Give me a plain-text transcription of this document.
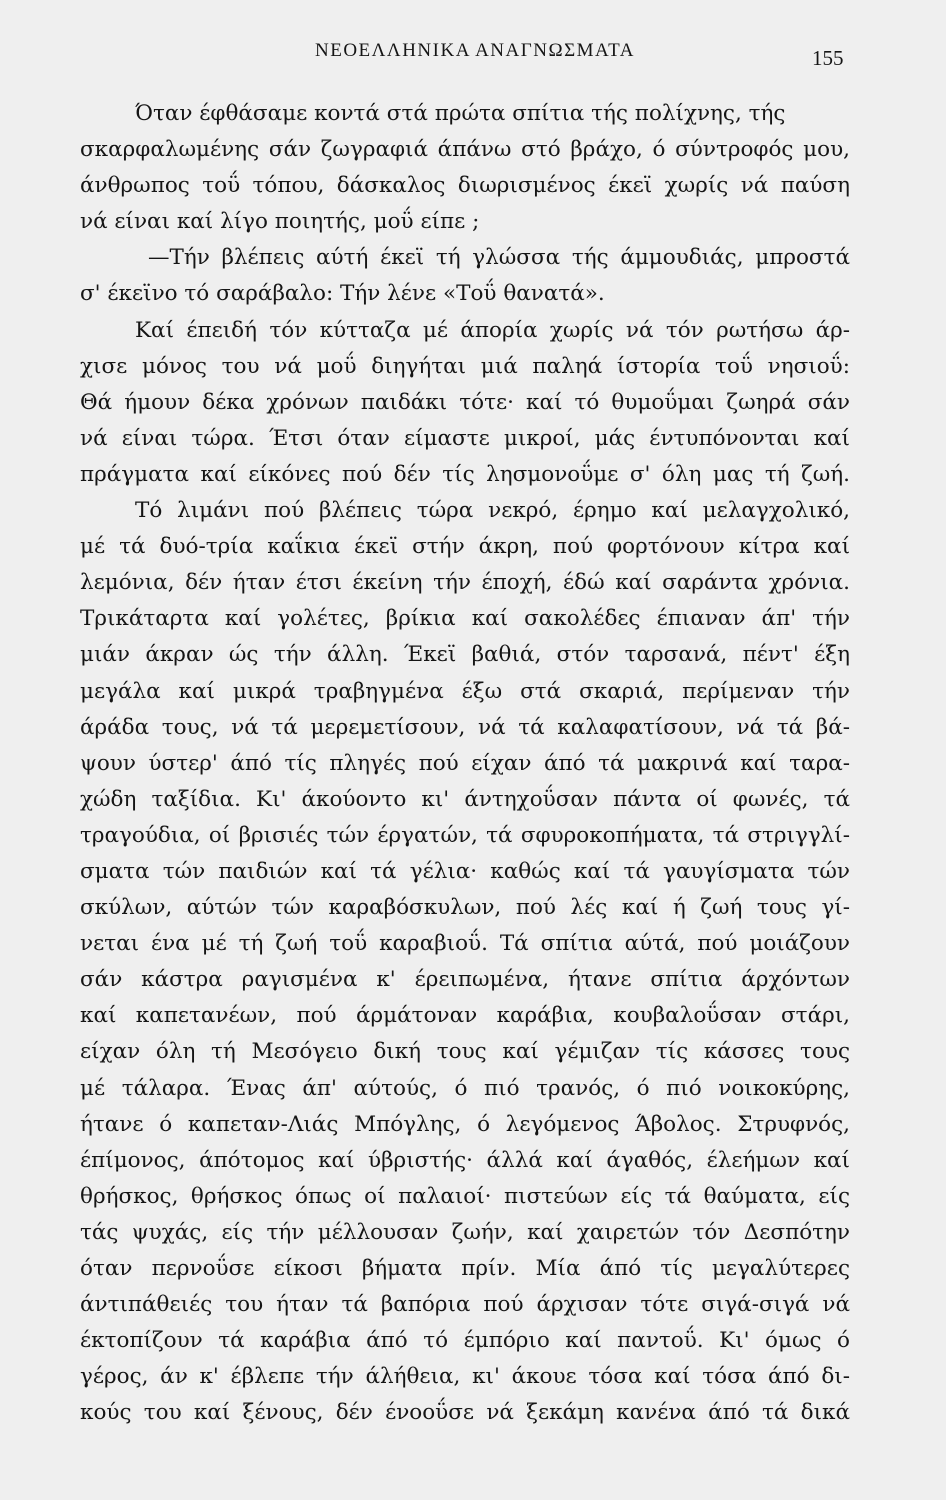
ΝΕΟΕΛΛΗΝΙΚΑ ΑΝΑΓΝΩΣΜΑΤΑ	155
Όταν έφθάσαμε κοντά στά πρώτα σπίτια τής πολίχνης, τής
σκαρφαλωμένης σάν ζωγραφιά άπάνω στό βράχο, ό σύντροφός μου,
άνθρωπος τοΰ τόπου, δάσκαλος διωρισμένος έκεϊ χωρίς νά παύση
νά είναι καί λίγο ποιητής, μοΰ είπε ;
—Τήν βλέπεις αύτή έκεϊ τή γλώσσα τής άμμουδιάς, μπροστά
σ' έκεϊνο τό σαράβαλο: Τήν λένε «Τοΰ θανατά».
Καί έπειδή τόν κύτταζα μέ άπορία χωρίς νά τόν ρωτήσω άρ-
χισε μόνος του νά μοΰ διηγήται μιά παληά ίστορία τοΰ νησιοΰ:
Θά ήμουν δέκα χρόνων παιδάκι τότε· καί τό θυμοΰμαι ζωηρά σάν
νά είναι τώρα. Έτσι όταν είμαστε μικροί, μάς έντυπόνονται καί
πράγματα καί είκόνες πού δέν τίς λησμονοΰμε σ' όλη μας τή ζωή.
Τό λιμάνι πού βλέπεις τώρα νεκρό, έρημο καί μελαγχολικό,
μέ τά δυό-τρία καΐκια έκεϊ στήν άκρη, πού φορτόνουν κίτρα καί
λεμόνια, δέν ήταν έτσι έκείνη τήν έποχή, έδώ καί σαράντα χρόνια.
Τρικάταρτα καί γολέτες, βρίκια καί σακολέδες έπιαναν άπ' τήν
μιάν άκραν ώς τήν άλλη. Έκεϊ βαθιά, στόν ταρσανά, πέντ' έξη
μεγάλα καί μικρά τραβηγμένα έξω στά σκαριά, περίμεναν τήν
άράδα τους, νά τά μερεμετίσουν, νά τά καλαφατίσουν, νά τά βά-
ψουν ύστερ' άπό τίς πληγές πού είχαν άπό τά μακρινά καί ταρα-
χώδη ταξίδια. Κι' άκούοντο κι' άντηχοΰσαν πάντα οί φωνές, τά
τραγούδια, οί βρισιές τών έργατών, τά σφυροκοπήματα, τά στριγγλί-
σματα τών παιδιών καί τά γέλια· καθώς καί τά γαυγίσματα τών
σκύλων, αύτών τών καραβόσκυλων, πού λές καί ή ζωή τους γί-
νεται ένα μέ τή ζωή τοΰ καραβιοΰ. Τά σπίτια αύτά, πού μοιάζουν
σάν κάστρα ραγισμένα κ' έρειπωμένα, ήτανε σπίτια άρχόντων
καί καπετανέων, πού άρμάτοναν καράβια, κουβαλοΰσαν στάρι,
είχαν όλη τή Μεσόγειο δική τους καί γέμιζαν τίς κάσσες τους
μέ τάλαρα. Ένας άπ' αύτούς, ό πιό τρανός, ό πιό νοικοκύρης,
ήτανε ό καπεταν-Λιάς Μπόγλης, ό λεγόμενος Άβολος. Στρυφνός,
έπίμονος, άπότομος καί ύβριστής· άλλά καί άγαθός, έλεήμων καί
θρήσκος, θρήσκος όπως οί παλαιοί· πιστεύων είς τά θαύματα, είς
τάς ψυχάς, είς τήν μέλλουσαν ζωήν, καί χαιρετών τόν Δεσπότην
όταν περνοΰσε είκοσι βήματα πρίν. Μία άπό τίς μεγαλύτερες
άντιπάθειές του ήταν τά βαπόρια πού άρχισαν τότε σιγά-σιγά νά
έκτοπίζουν τά καράβια άπό τό έμπόριο καί παντοΰ. Κι' όμως ό
γέρος, άν κ' έβλεπε τήν άλήθεια, κι' άκουε τόσα καί τόσα άπό δι-
κούς του καί ξένους, δέν ένοοΰσε νά ξεκάμη κανένα άπό τά δικά
